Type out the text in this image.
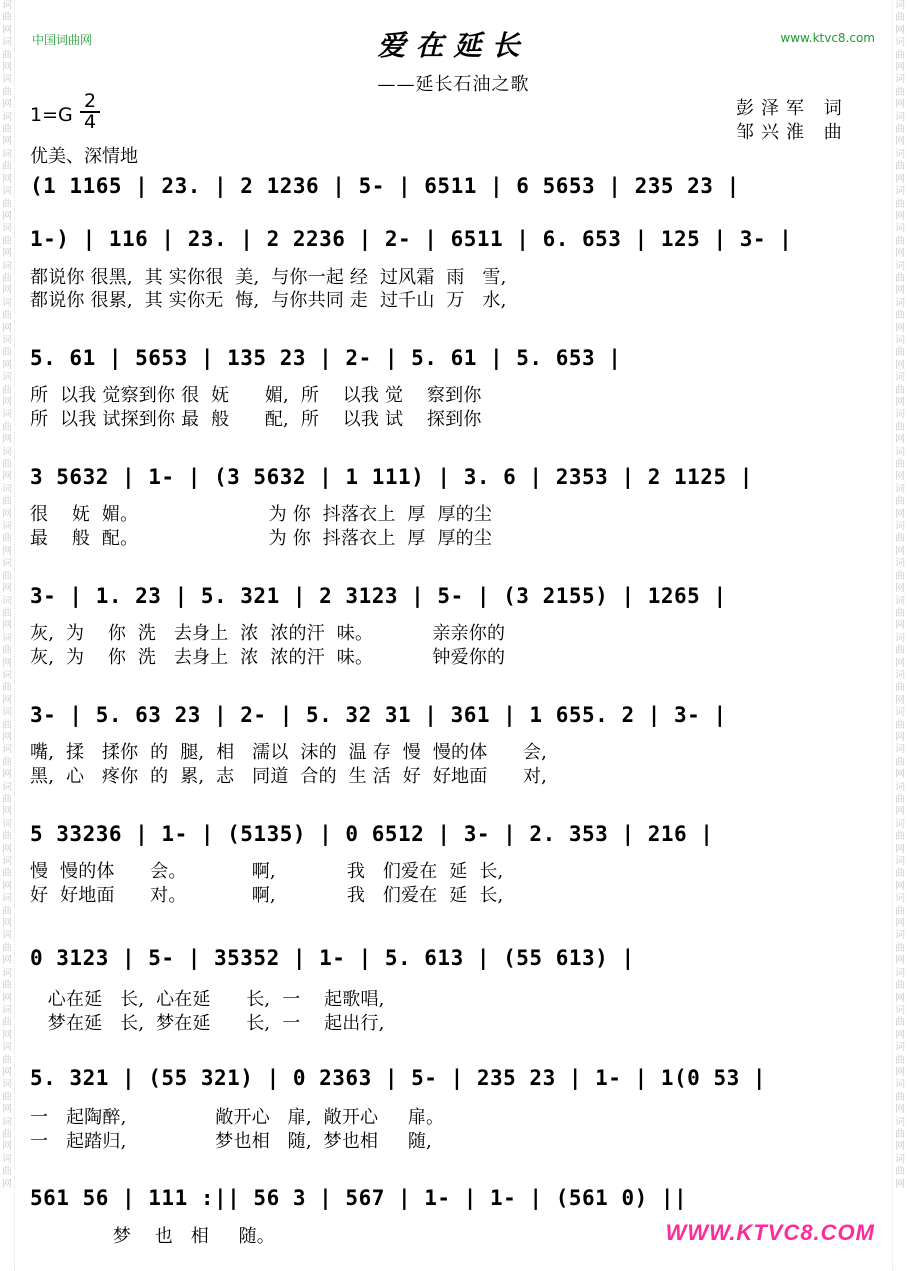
词曲网词曲网词曲网词曲网词曲网词曲网词曲网词曲网词曲网词曲网词曲网词曲网词曲网词曲网词曲网词曲网词曲网词曲网词曲网词曲网词曲网词曲网词曲网词曲网词曲网词曲网词曲网词曲网词曲网词曲网词曲网词曲网
词曲网词曲网词曲网词曲网词曲网词曲网词曲网词曲网词曲网词曲网词曲网词曲网词曲网词曲网词曲网词曲网词曲网词曲网词曲网词曲网词曲网词曲网词曲网词曲网词曲网词曲网词曲网词曲网词曲网词曲网词曲网词曲网
中国词曲网	www.ktvc8.com
爱在延长
——延长石油之歌
彭泽军 词
邹兴淮 曲
1=G
2
4
优美、深情地
(1 1165 | 23. | 2 1236 | 5- | 6511 | 6 5653 | 235 23 |
1-) | 116 | 23. | 2 2236 | 2- | 6511 | 6. 653 | 125 | 3- |
都说你 很黑,  其 实你很  美,  与你一起 经  过风霜  雨   雪,
都说你 很累,  其 实你无  悔,  与你共同 走  过千山  万   水,
5. 61 | 5653 | 135 23 | 2- | 5. 61 | 5. 653 |
所  以我 觉察到你 很  妩      媚,  所    以我 觉    察到你
所  以我 试探到你 最  般      配,  所    以我 试    探到你
3 5632 | 1- | (3 5632 | 1 111) | 3. 6 | 2353 | 2 1125 |
很    妩  媚。                      为 你  抖落衣上  厚  厚的尘
最    般  配。                      为 你  抖落衣上  厚  厚的尘
3- | 1. 23 | 5. 321 | 2 3123 | 5- | (3 2155) | 1265 |
灰,  为    你  洗   去身上  浓  浓的汗  味。          亲亲你的
灰,  为    你  洗   去身上  浓  浓的汗  味。          钟爱你的
3- | 5. 63 23 | 2- | 5. 32 31 | 361 | 1 655. 2 | 3- |
嘴,  揉   揉你  的  腿,  相   濡以  沫的  温 存  慢  慢的体      会,
黑,  心   疼你  的  累,  志   同道  合的  生 活  好  好地面      对,
5 33236 | 1- | (5135) | 0 6512 | 3- | 2. 353 | 216 |
慢  慢的体      会。           啊,            我   们爱在  延  长,
好  好地面      对。           啊,            我   们爱在  延  长,
0 3123 | 5- | 35352 | 1- | 5. 613 | (55 613) |
心在延   长,  心在延      长,  一    起歌唱,
梦在延   长,  梦在延      长,  一    起出行,
5. 321 | (55 321) | 0 2363 | 5- | 235 23 | 1- | 1(0 53 |
一   起陶醉,               敞开心   扉,  敞开心     扉。
一   起踏归,               梦也相   随,  梦也相     随,
561 56 | 111 :|| 56 3 | 567 | 1- | 1- | (561 0) ||
梦    也   相     随。	WWW.KTVC8.COM
